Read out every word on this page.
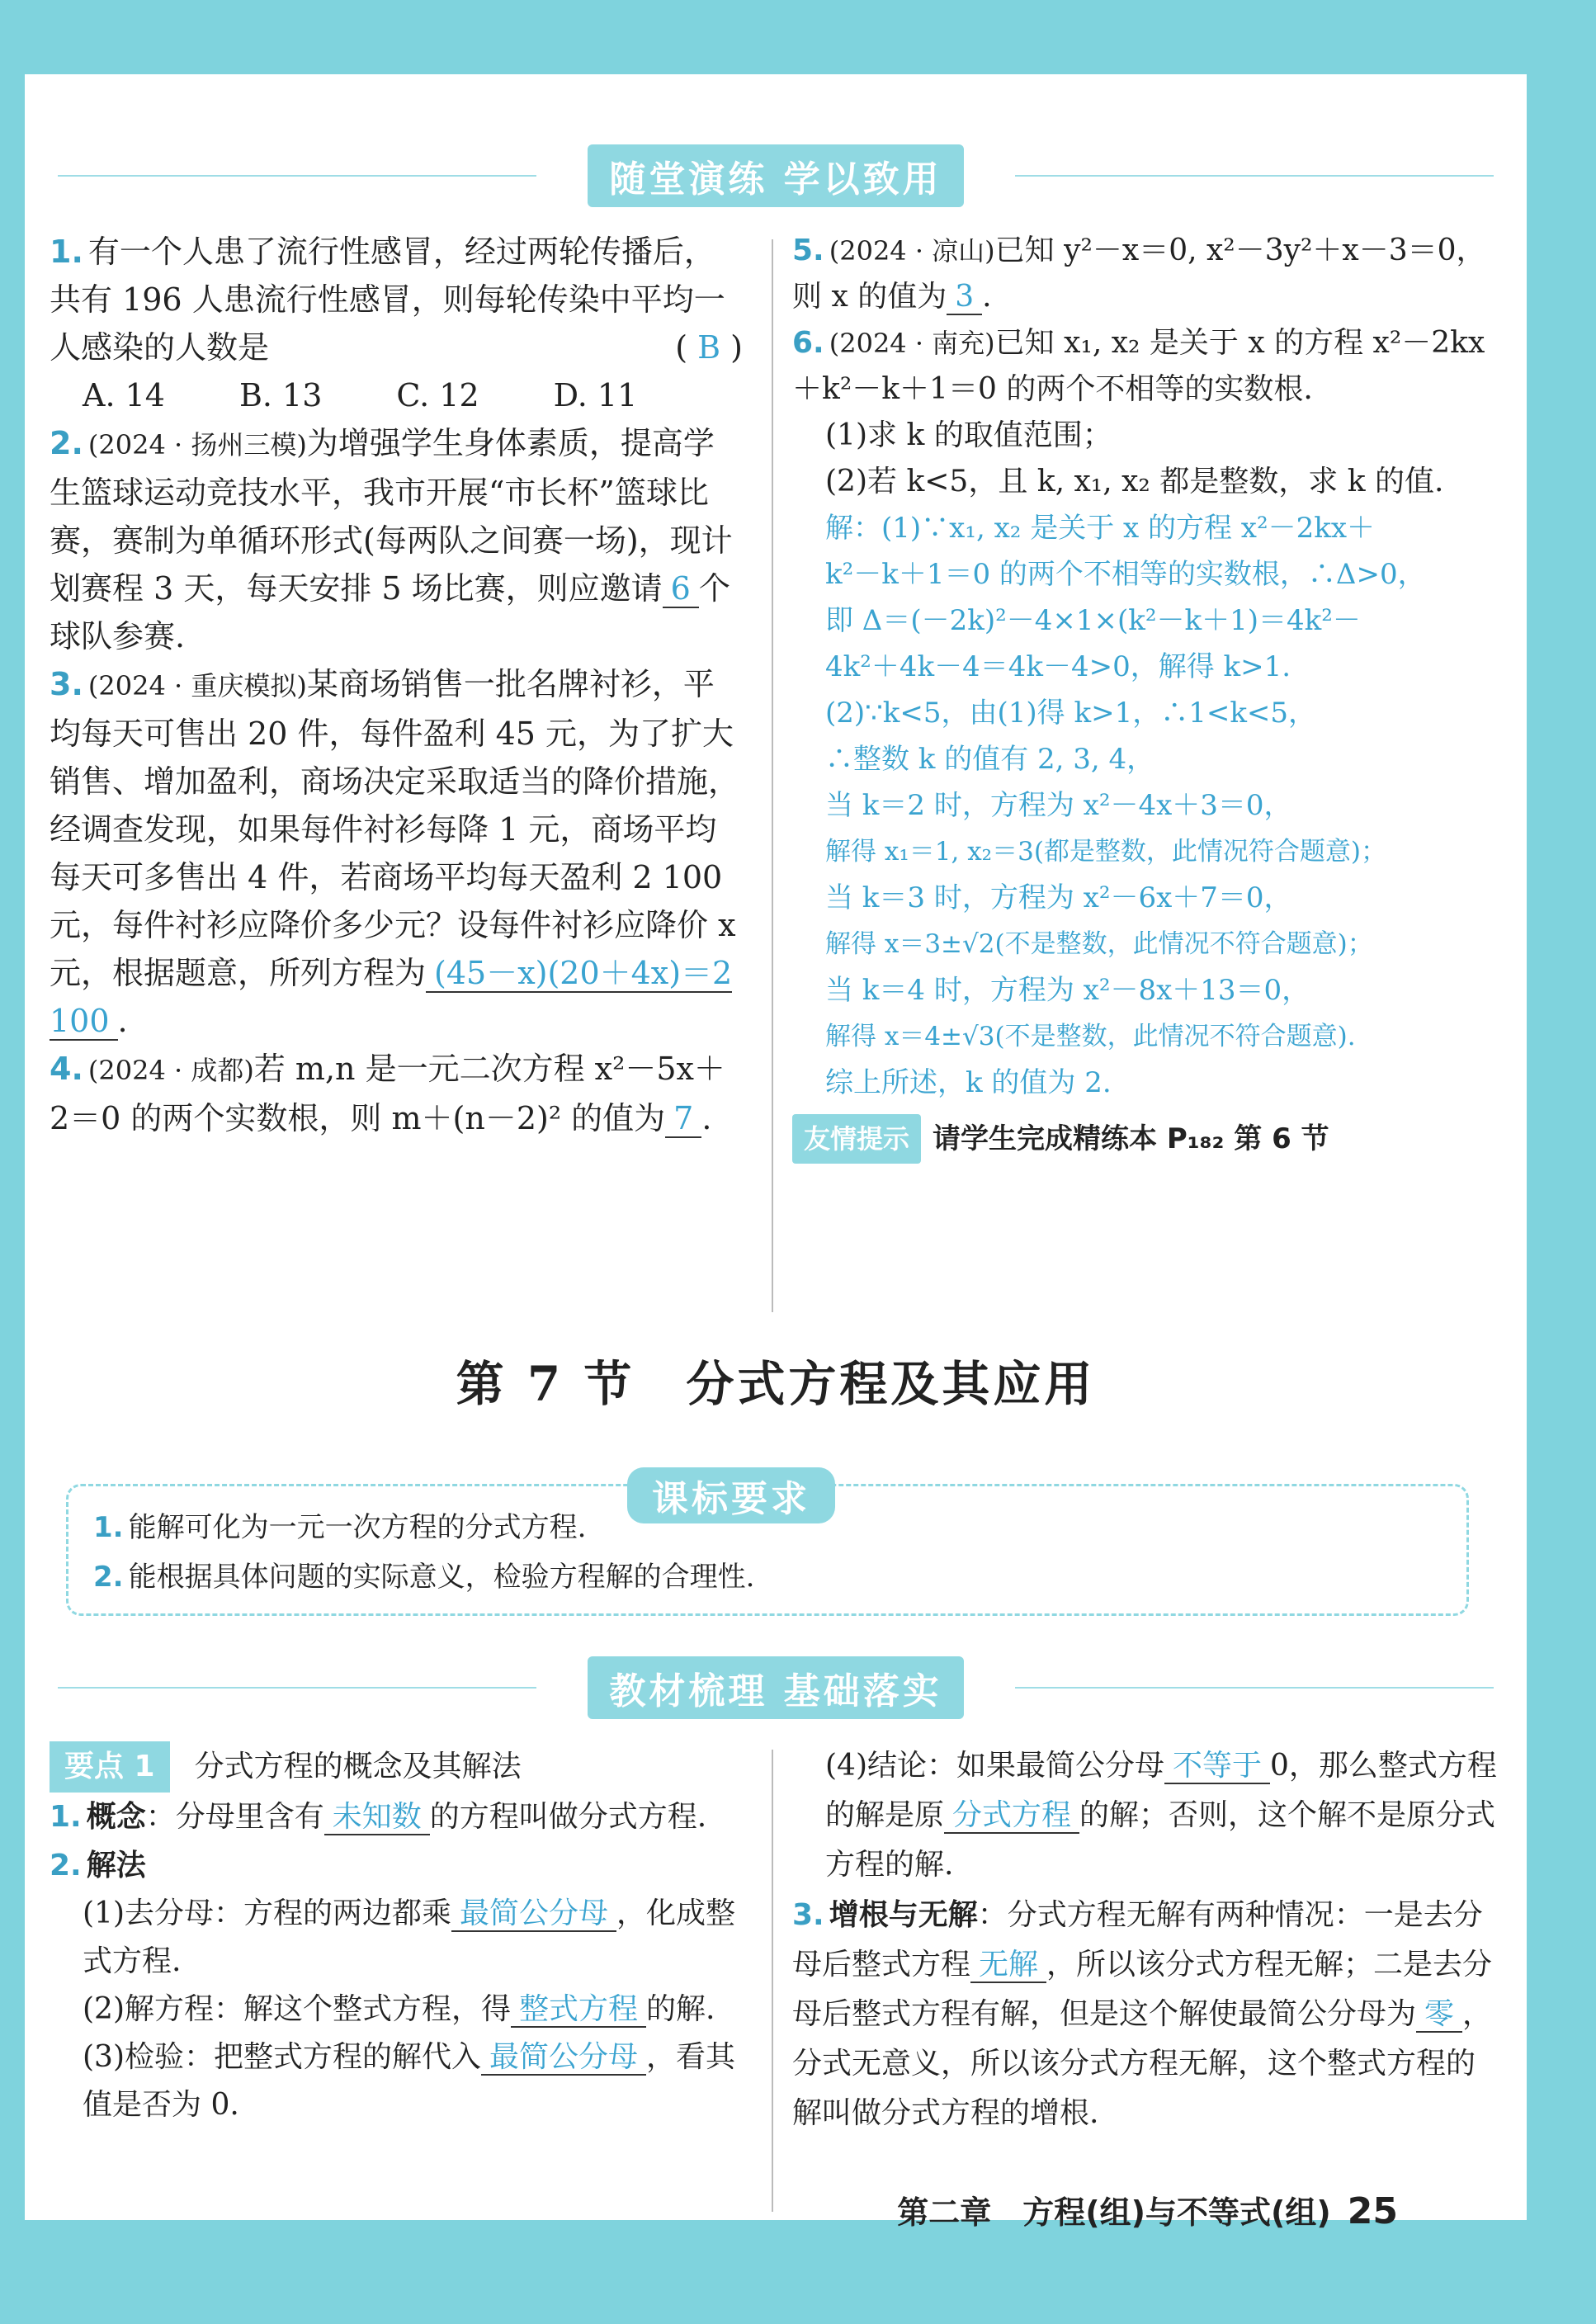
随堂演练 学以致用
1. 有一个人患了流行性感冒，经过两轮传播后，共有 196 人患流行性感冒，则每轮传染中平均一人感染的人数是	( B )
A. 14 B. 13 C. 12 D. 11
2. (2024 · 扬州三模)为增强学生身体素质，提高学生篮球运动竞技水平，我市开展“市长杯”篮球比赛，赛制为单循环形式(每两队之间赛一场)，现计划赛程 3 天，每天安排 5 场比赛，则应邀请 6 个球队参赛.
3. (2024 · 重庆模拟)某商场销售一批名牌衬衫，平均每天可售出 20 件，每件盈利 45 元，为了扩大销售、增加盈利，商场决定采取适当的降价措施，经调查发现，如果每件衬衫每降 1 元，商场平均每天可多售出 4 件，若商场平均每天盈利 2 100 元，每件衬衫应降价多少元？设每件衬衫应降价 x 元，根据题意，所列方程为 (45－x)(20＋4x)＝2 100 .
4. (2024 · 成都)若 m,n 是一元二次方程 x²－5x＋2＝0 的两个实数根，则 m＋(n－2)² 的值为 7 .
5. (2024 · 凉山)已知 y²－x＝0, x²－3y²＋x－3＝0，则 x 的值为 3 .
6. (2024 · 南充)已知 x₁, x₂ 是关于 x 的方程 x²－2kx＋k²－k＋1＝0 的两个不相等的实数根.
(1)求 k 的取值范围；
(2)若 k<5，且 k, x₁, x₂ 都是整数，求 k 的值.
解：(1)∵x₁, x₂ 是关于 x 的方程 x²－2kx＋
k²－k＋1＝0 的两个不相等的实数根，∴Δ>0，
即 Δ＝(－2k)²－4×1×(k²－k＋1)＝4k²－
4k²＋4k－4＝4k－4>0，解得 k>1.
(2)∵k<5，由(1)得 k>1，∴1<k<5，
∴整数 k 的值有 2, 3, 4，
当 k＝2 时，方程为 x²－4x＋3＝0，
解得 x₁＝1, x₂＝3(都是整数，此情况符合题意)；
当 k＝3 时，方程为 x²－6x＋7＝0，
解得 x＝3±√2(不是整数，此情况不符合题意)；
当 k＝4 时，方程为 x²－8x＋13＝0，
解得 x＝4±√3(不是整数，此情况不符合题意).
综上所述，k 的值为 2.
友情提示 请学生完成精练本 P₁₈₂ 第 6 节
第 7 节　分式方程及其应用
1. 能解可化为一元一次方程的分式方程.
2. 能根据具体问题的实际意义，检验方程解的合理性.
课标要求
教材梳理 基础落实
要点 1 分式方程的概念及其解法
1. 概念：分母里含有 未知数 的方程叫做分式方程.
2. 解法
(1)去分母：方程的两边都乘 最简公分母 ，化成整式方程.
(2)解方程：解这个整式方程，得 整式方程 的解.
(3)检验：把整式方程的解代入 最简公分母 ，看其值是否为 0.
(4)结论：如果最简公分母 不等于 0，那么整式方程的解是原 分式方程 的解；否则，这个解不是原分式方程的解.
3. 增根与无解：分式方程无解有两种情况：一是去分母后整式方程 无解 ，所以该分式方程无解；二是去分母后整式方程有解，但是这个解使最简公分母为 零 ，分式无意义，所以该分式方程无解，这个整式方程的解叫做分式方程的增根.
第二章　方程(组)与不等式(组) 25
